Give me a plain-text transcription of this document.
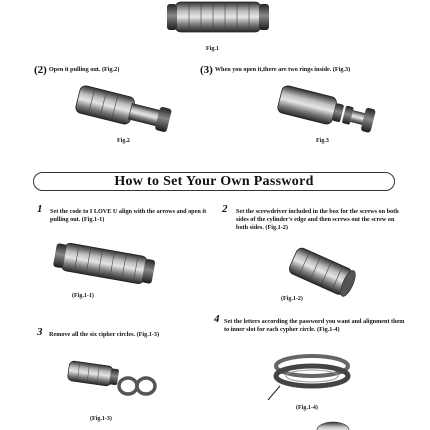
Fig.1
(2) Open it pulling out. (Fig.2)	(3) When you open it,there are two rings inside. (Fig.3)
Fig.2	Fig.3
How to Set Your Own Password
1 Set the code to I LOVE U align with the arrows and open it pulling out. (Fig.1-1)
2 Set the screwdriver included in the box for the screws on both sides of the cylinder's edge and then screws out the screw on both sides. (Fig.1-2)
(Fig.1-1)	(Fig.1-2)
4 Set the letters according the password you want and alignment them to inner slot for each cypher circle. (Fig.1-4)
3 Remove all the six cipher circles. (Fig.1-3)
(Fig.1-3)
(Fig.1-4)
